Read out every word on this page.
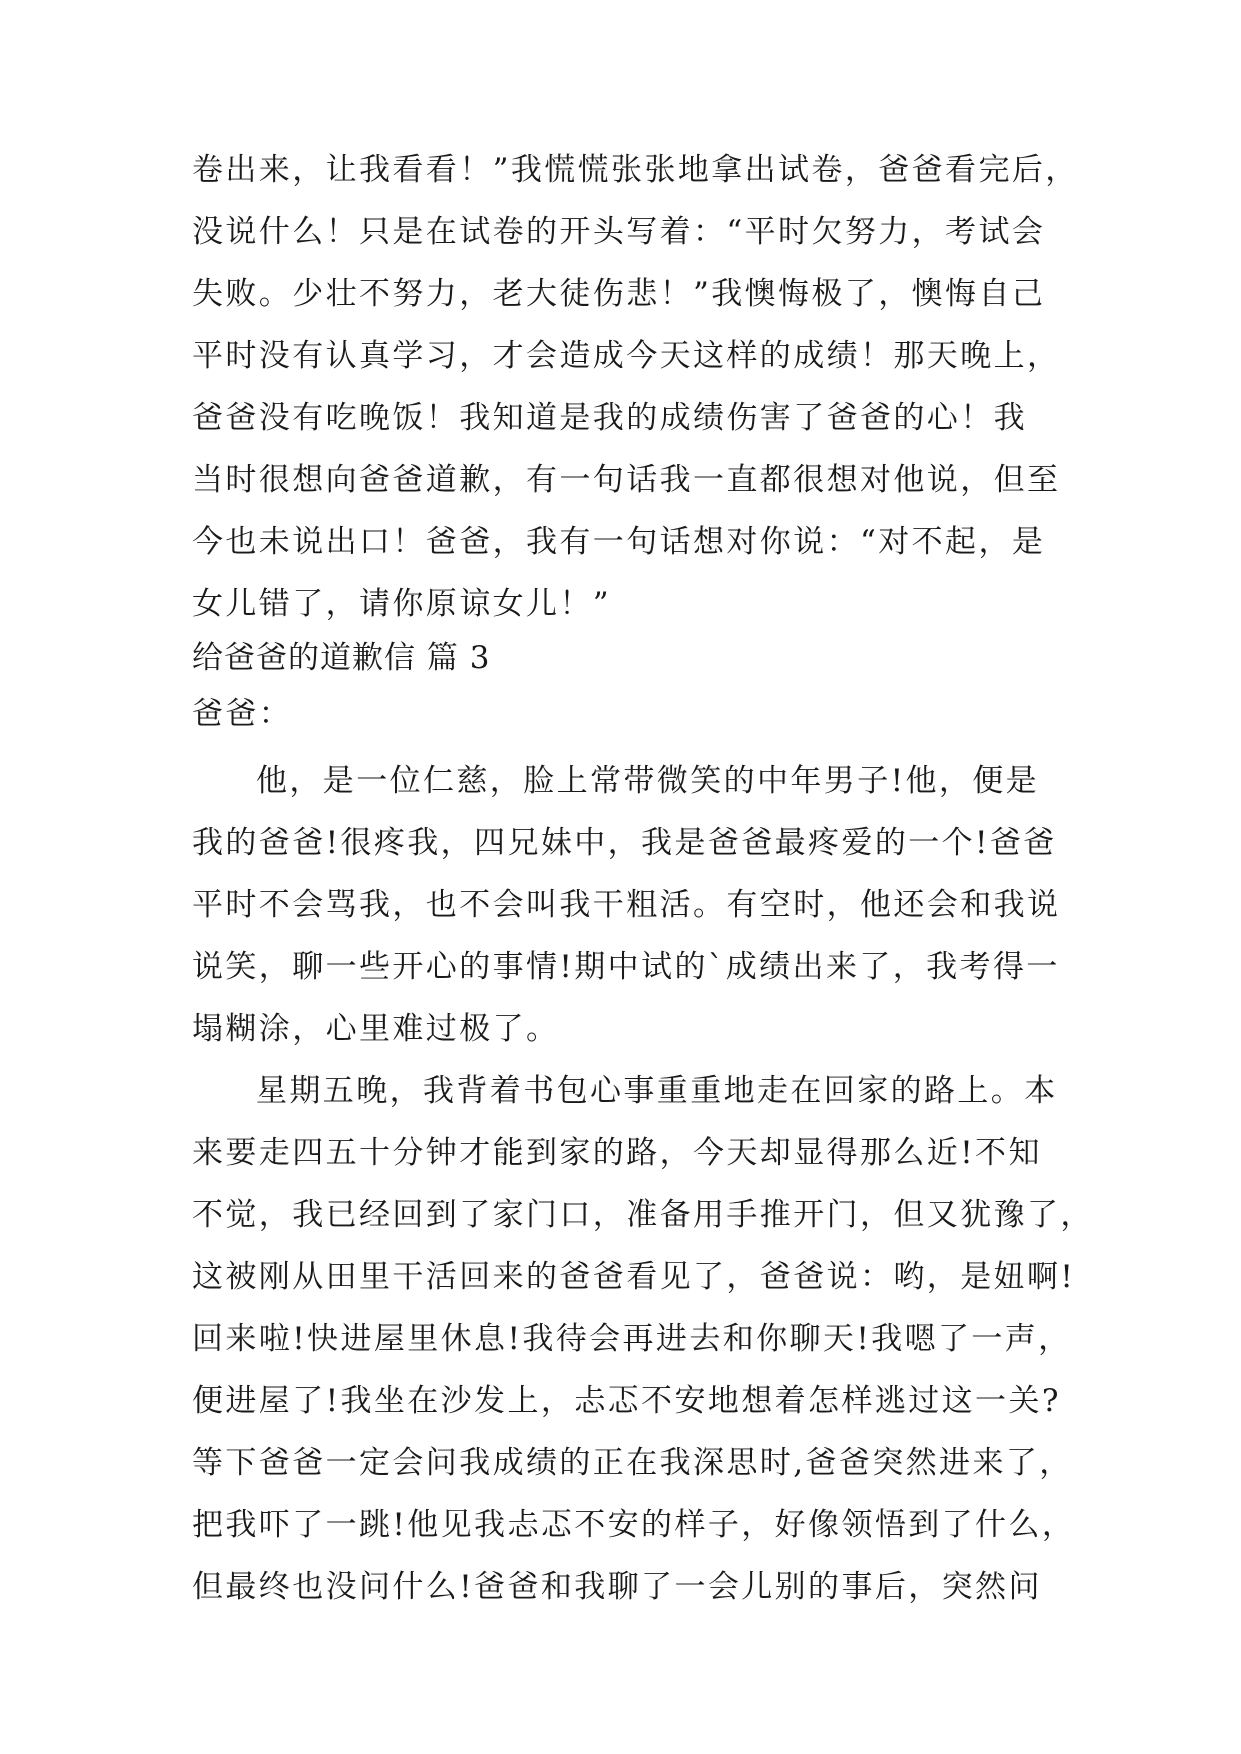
卷出来，让我看看！”我慌慌张张地拿出试卷，爸爸看完后，
没说什么！只是在试卷的开头写着：“平时欠努力，考试会
失败。少壮不努力，老大徒伤悲！”我懊悔极了，懊悔自己
平时没有认真学习，才会造成今天这样的成绩！那天晚上，
爸爸没有吃晚饭！我知道是我的成绩伤害了爸爸的心！我
当时很想向爸爸道歉，有一句话我一直都很想对他说，但至
今也未说出口！爸爸，我有一句话想对你说：“对不起，是
女儿错了，请你原谅女儿！”
给爸爸的道歉信 篇 3
爸爸：
他，是一位仁慈，脸上常带微笑的中年男子!他，便是
我的爸爸!很疼我，四兄妹中，我是爸爸最疼爱的一个!爸爸
平时不会骂我，也不会叫我干粗活。有空时，他还会和我说
说笑，聊一些开心的事情!期中试的`成绩出来了，我考得一
塌糊涂，心里难过极了。
星期五晚，我背着书包心事重重地走在回家的路上。本
来要走四五十分钟才能到家的路，今天却显得那么近!不知
不觉，我已经回到了家门口，准备用手推开门，但又犹豫了，
这被刚从田里干活回来的爸爸看见了，爸爸说：哟，是妞啊!
回来啦!快进屋里休息!我待会再进去和你聊天!我嗯了一声，
便进屋了!我坐在沙发上，忐忑不安地想着怎样逃过这一关?
等下爸爸一定会问我成绩的正在我深思时,爸爸突然进来了，
把我吓了一跳!他见我忐忑不安的样子，好像领悟到了什么，
但最终也没问什么!爸爸和我聊了一会儿别的事后，突然问
